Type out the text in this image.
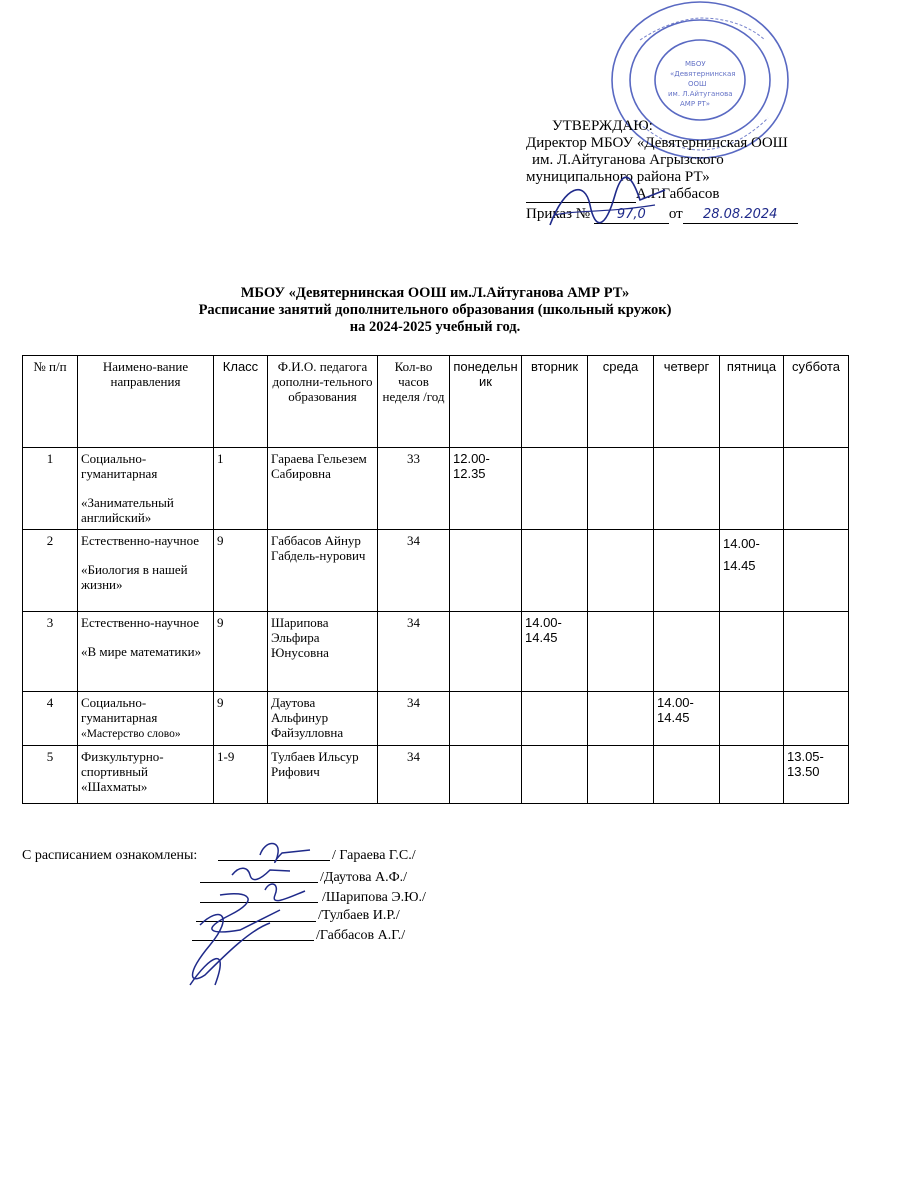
МБОУ
«Девятернинская
ООШ
им. Л.Айтуганова
АМР РТ»
УТВЕРЖДАЮ:
Директор МБОУ «Девятернинская ООШ
им. Л.Айтуганова Агрызского
муниципального района РТ»
А.Г.Габбасов
Приказ № 97,0 от 28.08.2024
МБОУ «Девятернинская ООШ им.Л.Айтуганова АМР РТ»
Расписание занятий дополнительного образования (школьный кружок)
на 2024-2025 учебный год.
№ п/п	Наимено-вание направления	Класс	Ф.И.О. педагога дополни-тельного образования	Кол-во часов неделя /год	понедельник	вторник	среда	четверг	пятница	суббота
1	Социально-гуманитарная
«Занимательный английский»	1	Гараева Гельезем Сабировна	33	12.00-12.35					
2	Естественно-научное
«Биология в нашей жизни»	9	Габбасов Айнур Габдель-нурович	34					14.00-14.45	
3	Естественно-научное
«В мире математики»	9	Шарипова Эльфира Юнусовна	34		14.00-14.45				
4	Социально-гуманитарная
«Мастерство слово»	9	Даутова Альфинур Файзулловна	34				14.00-14.45		
5	Физкультурно-спортивный
«Шахматы»	1-9	Тулбаев Ильсур Рифович	34						13.05-13.50
С расписанием ознакомлены:	/ Гараева Г.С./
/Даутова А.Ф./
/Шарипова Э.Ю./
/Тулбаев И.Р./
/Габбасов А.Г./
